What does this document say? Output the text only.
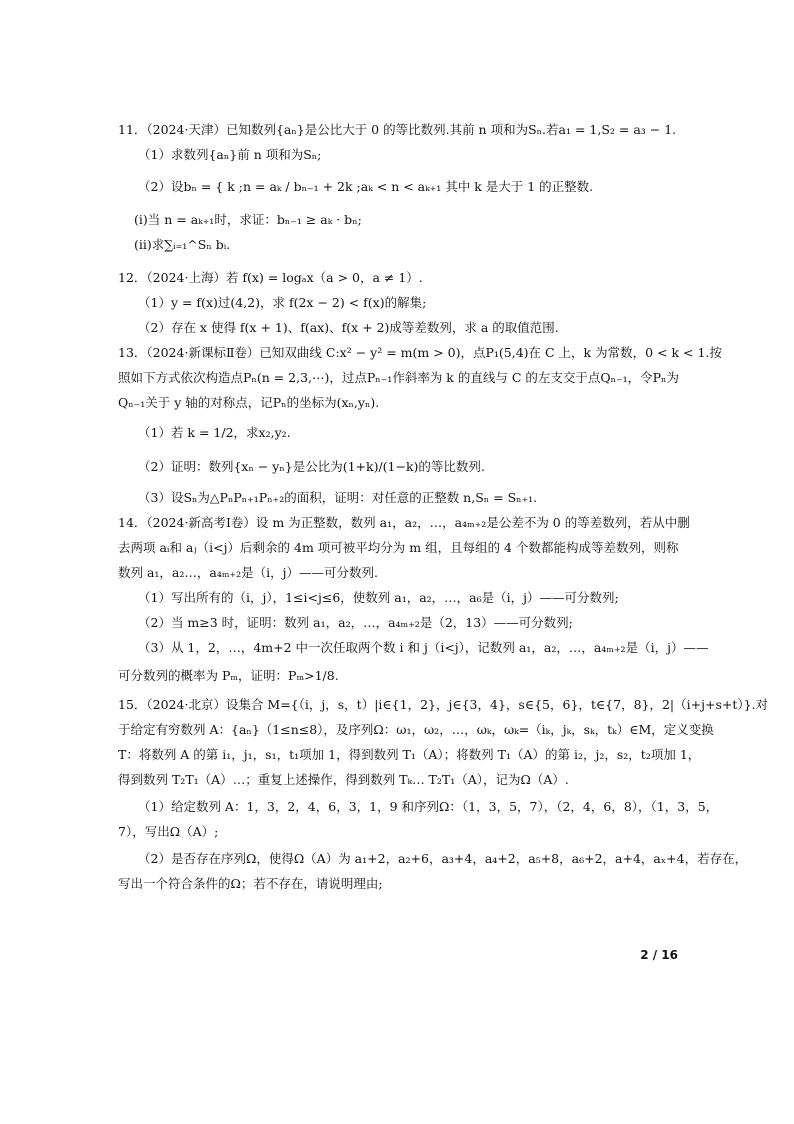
11．（2024·天津）已知数列{aₙ}是公比大于 0 的等比数列.其前 n 项和为Sₙ.若a₁ = 1,S₂ = a₃ − 1.

（1）求数列{aₙ}前 n 项和为Sₙ;

（2）设bₙ = { k ;n = aₖ / bₙ₋₁ + 2k ;aₖ < n < aₖ₊₁ 其中 k 是大于 1 的正整数.

(i)当 n = aₖ₊₁时，求证：bₙ₋₁ ≥ aₖ · bₙ;

(ii)求∑ᵢ₌₁^Sₙ bᵢ.

12．（2024·上海）若 f(x) = logₐx（a > 0，a ≠ 1）.

（1）y = f(x)过(4,2)，求 f(2x − 2) < f(x)的解集;

（2）存在 x 使得 f(x + 1)、f(ax)、f(x + 2)成等差数列，求 a 的取值范围.

13．（2024·新课标Ⅱ卷）已知双曲线 C:x² − y² = m(m > 0)，点P₁(5,4)在 C 上，k 为常数，0 < k < 1.按

照如下方式依次构造点Pₙ(n = 2,3,⋯)，过点Pₙ₋₁作斜率为 k 的直线与 C 的左支交于点Qₙ₋₁，令Pₙ为

Qₙ₋₁关于 y 轴的对称点，记Pₙ的坐标为(xₙ,yₙ).

（1）若 k = 1/2，求x₂,y₂.

（2）证明：数列{xₙ − yₙ}是公比为(1+k)/(1−k)的等比数列.

（3）设Sₙ为△PₙPₙ₊₁Pₙ₊₂的面积，证明：对任意的正整数 n,Sₙ = Sₙ₊₁.

14．（2024·新高考Ⅰ卷）设 m 为正整数，数列 a₁，a₂，…，a₄ₘ₊₂是公差不为 0 的等差数列，若从中删

去两项 aᵢ和 aⱼ（i<j）后剩余的 4m 项可被平均分为 m 组，且每组的 4 个数都能构成等差数列，则称

数列 a₁，a₂…，a₄ₘ₊₂是（i，j）——可分数列.

（1）写出所有的（i，j），1≤i<j≤6，使数列 a₁，a₂，…，a₆是（i，j）——可分数列;

（2）当 m≥3 时，证明：数列 a₁，a₂，…，a₄ₘ₊₂是（2，13）——可分数列;

（3）从 1，2，…，4m+2 中一次任取两个数 i 和 j（i<j），记数列 a₁，a₂，…，a₄ₘ₊₂是（i，j）——

可分数列的概率为 Pₘ，证明：Pₘ>1/8.

15．（2024·北京）设集合 M={（i，j，s，t）|i∈{1，2}，j∈{3，4}，s∈{5，6}，t∈{7，8}，2|（i+j+s+t）}.对

于给定有穷数列 A：{aₙ}（1≤n≤8），及序列Ω：ω₁，ω₂，…，ωₖ，ωₖ=（iₖ，jₖ，sₖ，tₖ）∈M，定义变换

T：将数列 A 的第 i₁，j₁，s₁，t₁项加 1，得到数列 T₁（A）；将数列 T₁（A）的第 i₂，j₂，s₂，t₂项加 1，

得到数列 T₂T₁（A）…；重复上述操作，得到数列 Tₖ… T₂T₁（A），记为Ω（A）.

（1）给定数列 A：1，3，2，4，6，3，1，9 和序列Ω：（1，3，5，7），（2，4，6，8），（1，3，5，

7），写出Ω（A）;

（2）是否存在序列Ω，使得Ω（A）为 a₁+2，a₂+6，a₃+4，a₄+2，a₅+8，a₆+2，a+4，aₓ+4，若存在，

写出一个符合条件的Ω；若不存在，请说明理由;

2 / 16
